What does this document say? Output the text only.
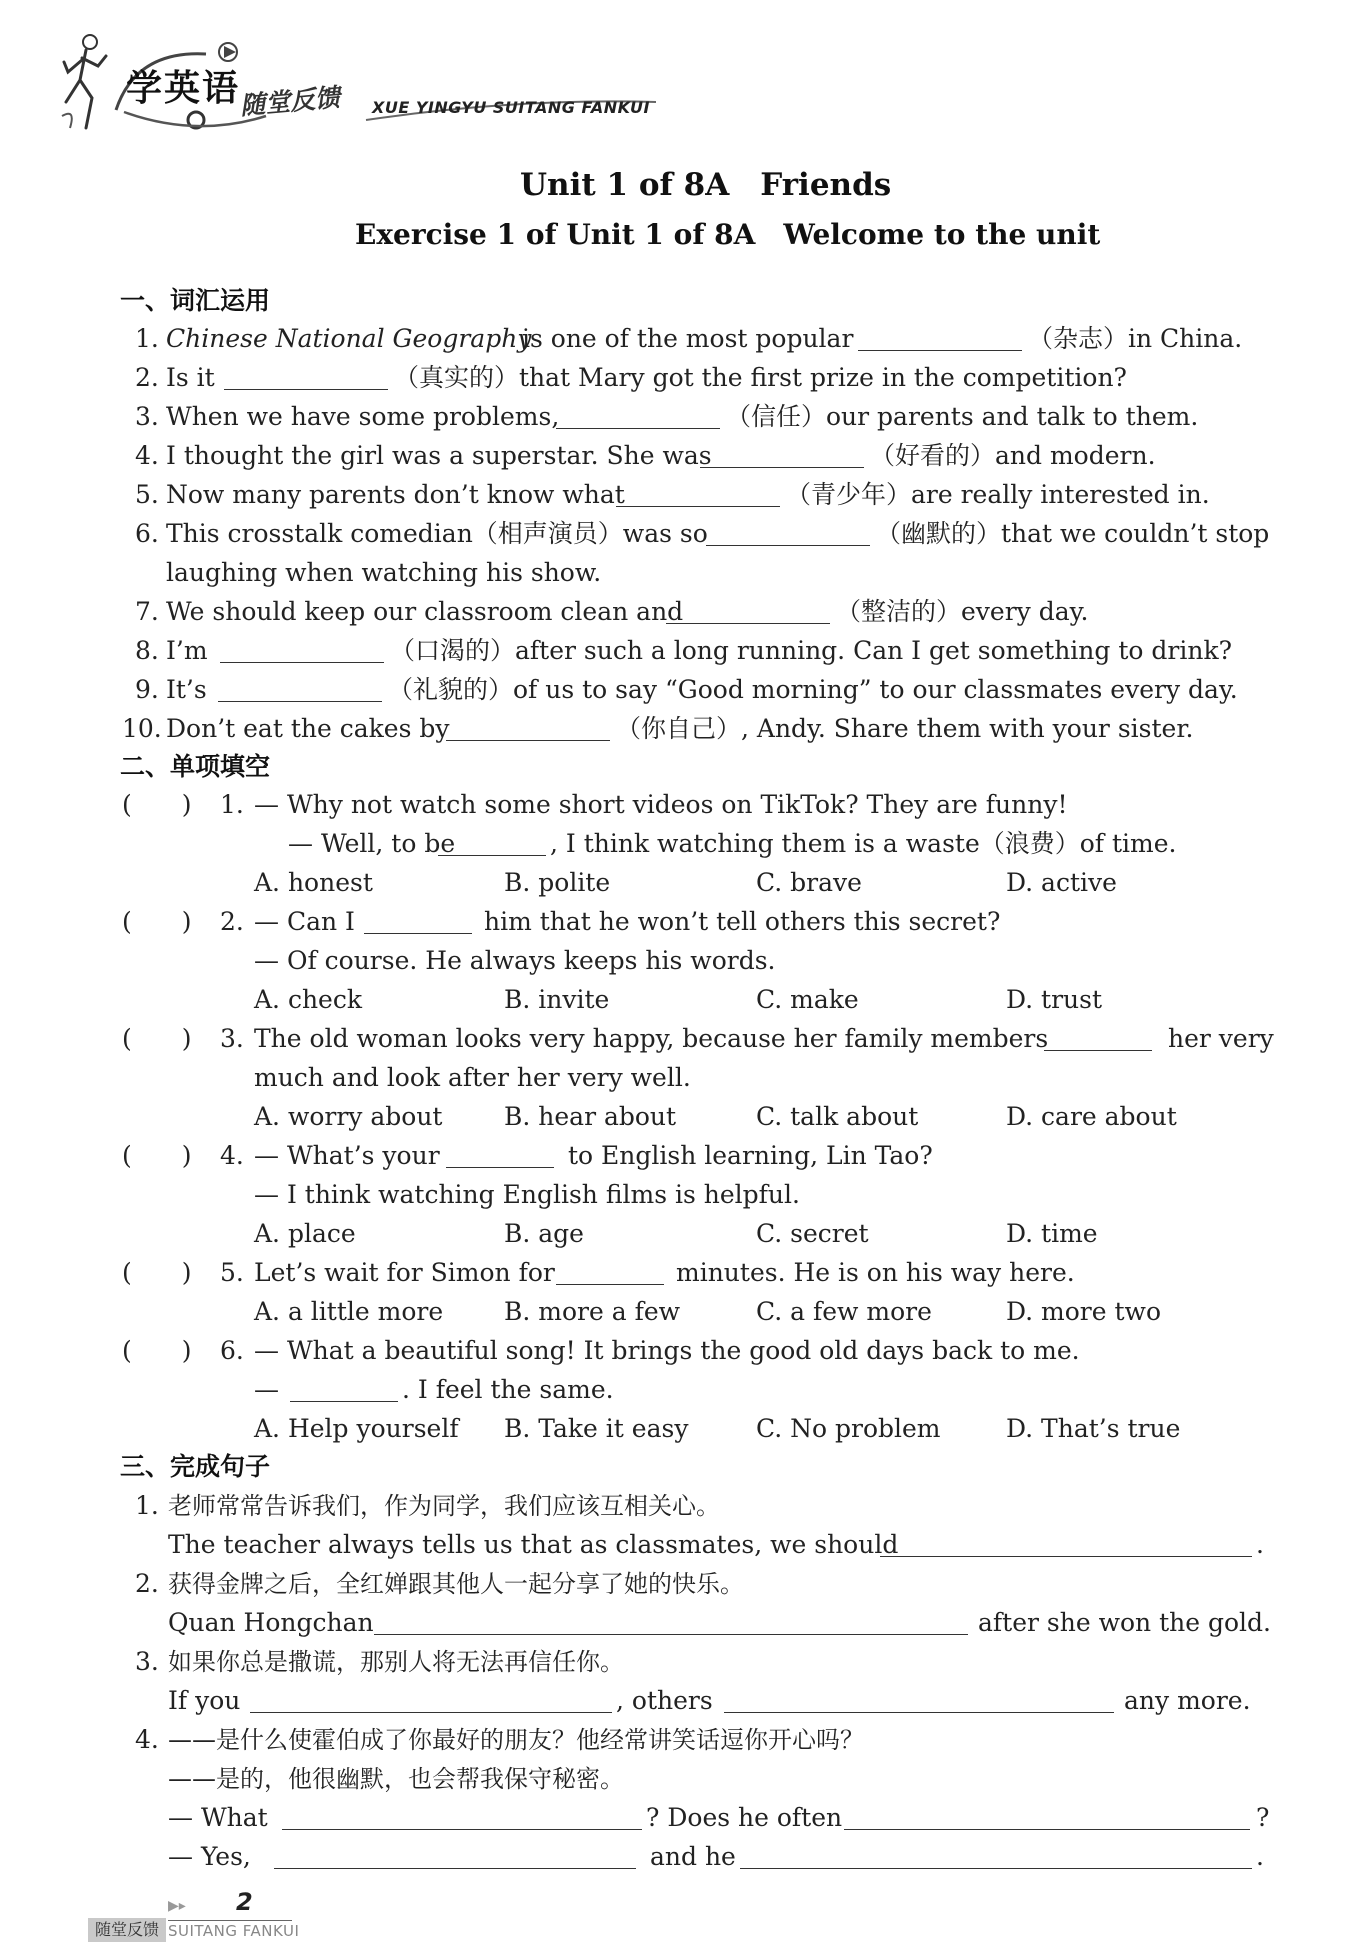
学英语 随堂反馈 XUE YINGYU SUITANG FANKUI
Unit 1 of 8A　Friends
Exercise 1 of Unit 1 of 8A　Welcome to the unit
一、词汇运用
1. Chinese National Geography
is one of the most popular	（杂志）in China.
2. Is it	（真实的）that Mary got the first prize in the competition?
3. When we have some problems,	（信任）our parents and talk to them.
4. I thought the girl was a superstar. She was	（好看的）and modern.
5. Now many parents don’t know what	（青少年）are really interested in.
6. This crosstalk comedian（相声演员）was so	（幽默的）that we couldn’t stop
laughing when watching his show.
7. We should keep our classroom clean and	（整洁的）every day.
8. I’m	（口渴的）after such a long running. Can I get something to drink?
9. It’s	（礼貌的）of us to say “Good morning” to our classmates every day.
10. Don’t eat the cakes by	（你自己）, Andy. Share them with your sister.
二、单项填空
(　　) 1. — Why not watch some short videos on TikTok? They are funny!
— Well, to be	, I think watching them is a waste（浪费）of time.
A. honest	B. polite	C. brave	D. active
(　　) 2. — Can I	him that he won’t tell others this secret?
— Of course. He always keeps his words.
A. check	B. invite	C. make	D. trust
(　　) 3. The old woman looks very happy, because her family members	her very
much and look after her very well.
A. worry about B. hear about	C. talk about	D. care about
(　　) 4. — What’s your	to English learning, Lin Tao?
— I think watching English films is helpful.
A. place	B. age	C. secret	D. time
(　　) 5. Let’s wait for Simon for	minutes. He is on his way here.
A. a little more B. more a few	C. a few more	D. more two
(　　) 6. — What a beautiful song! It brings the good old days back to me.
—	. I feel the same.
A. Help yourself B. Take it easy	C. No problem	D. That’s true
三、完成句子
1. 老师常常告诉我们，作为同学，我们应该互相关心。
The teacher always tells us that as classmates, we should	.
2. 获得金牌之后，全红婵跟其他人一起分享了她的快乐。
Quan Hongchan	after she won the gold.
3. 如果你总是撒谎，那别人将无法再信任你。
If you	, others	any more.
4. ——是什么使霍伯成了你最好的朋友？他经常讲笑话逗你开心吗？
——是的，他很幽默，也会帮我保守秘密。
— What	? Does he often	?
— Yes,	and he	.
▶▸ 2
随堂反馈 SUITANG FANKUI
